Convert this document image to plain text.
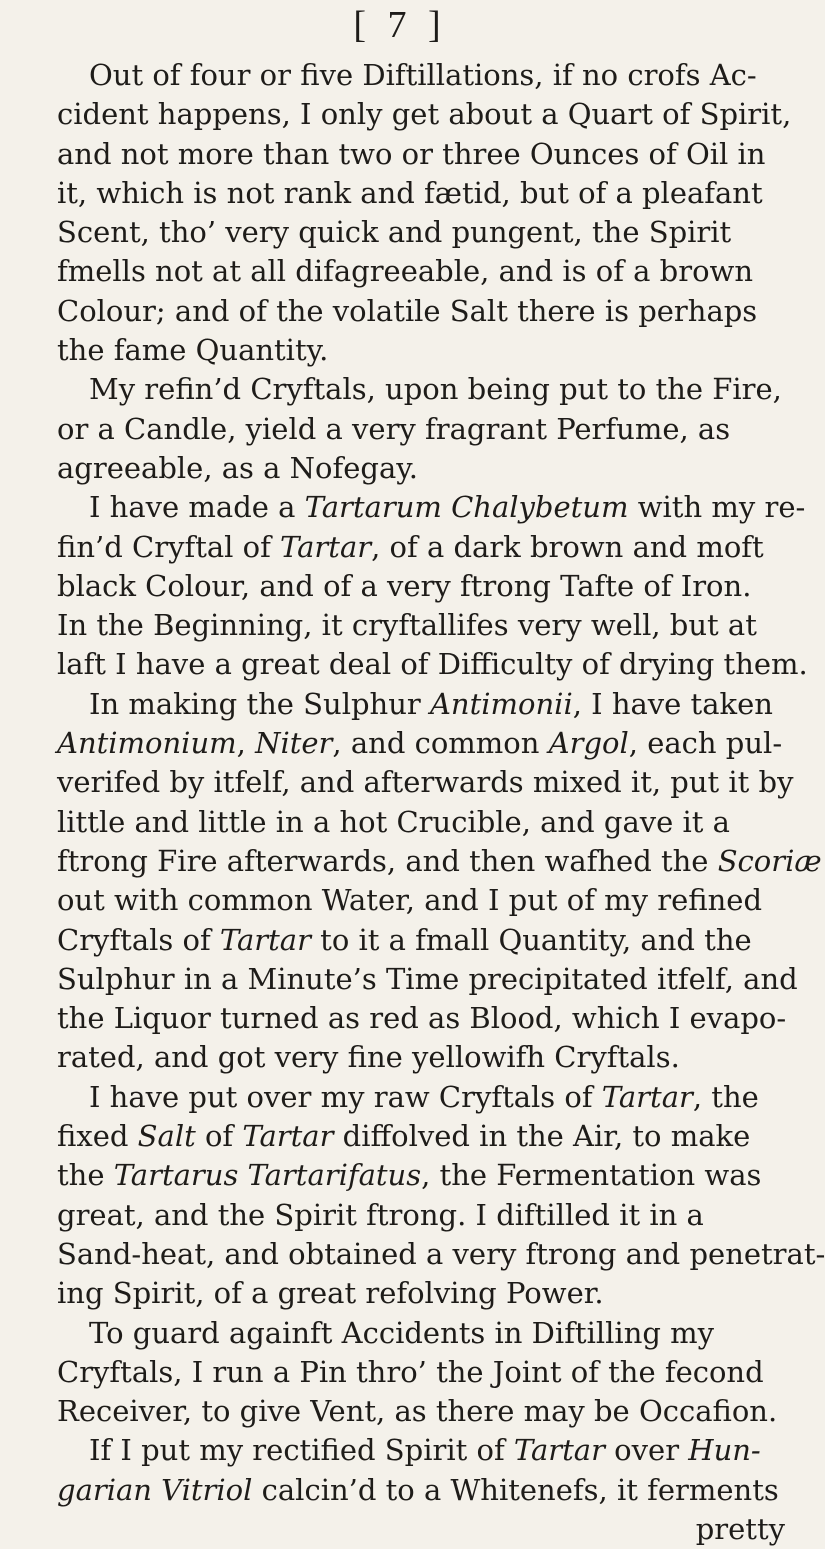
[ 7 ]
Out of four or five Diftillations, if no crofs Ac-
cident happens, I only get about a Quart of Spirit,
and not more than two or three Ounces of Oil in
it, which is not rank and fætid, but of a pleafant
Scent, tho’ very quick and pungent, the Spirit
fmells not at all difagreeable, and is of a brown
Colour; and of the volatile Salt there is perhaps
the fame Quantity.
My refin’d Cryftals, upon being put to the Fire,
or a Candle, yield a very fragrant Perfume, as
agreeable, as a Nofegay.
I have made a Tartarum Chalybetum with my re-
fin’d Cryftal of Tartar, of a dark brown and moft
black Colour, and of a very ftrong Tafte of Iron.
In the Beginning, it cryftallifes very well, but at
laft I have a great deal of Difficulty of drying them.
In making the Sulphur Antimonii, I have taken
Antimonium, Niter, and common Argol, each pul-
verifed by itfelf, and afterwards mixed it, put it by
little and little in a hot Crucible, and gave it a
ftrong Fire afterwards, and then wafhed the Scoriæ
out with common Water, and I put of my refined
Cryftals of Tartar to it a fmall Quantity, and the
Sulphur in a Minute’s Time precipitated itfelf, and
the Liquor turned as red as Blood, which I evapo-
rated, and got very fine yellowifh Cryftals.
I have put over my raw Cryftals of Tartar, the
fixed Salt of Tartar diffolved in the Air, to make
the Tartarus Tartarifatus, the Fermentation was
great, and the Spirit ftrong. I diftilled it in a
Sand-heat, and obtained a very ftrong and penetrat-
ing Spirit, of a great refolving Power.
To guard againft Accidents in Diftilling my
Cryftals, I run a Pin thro’ the Joint of the fecond
Receiver, to give Vent, as there may be Occafion.
If I put my rectified Spirit of Tartar over Hun-
garian Vitriol calcin’d to a Whitenefs, it ferments
pretty
